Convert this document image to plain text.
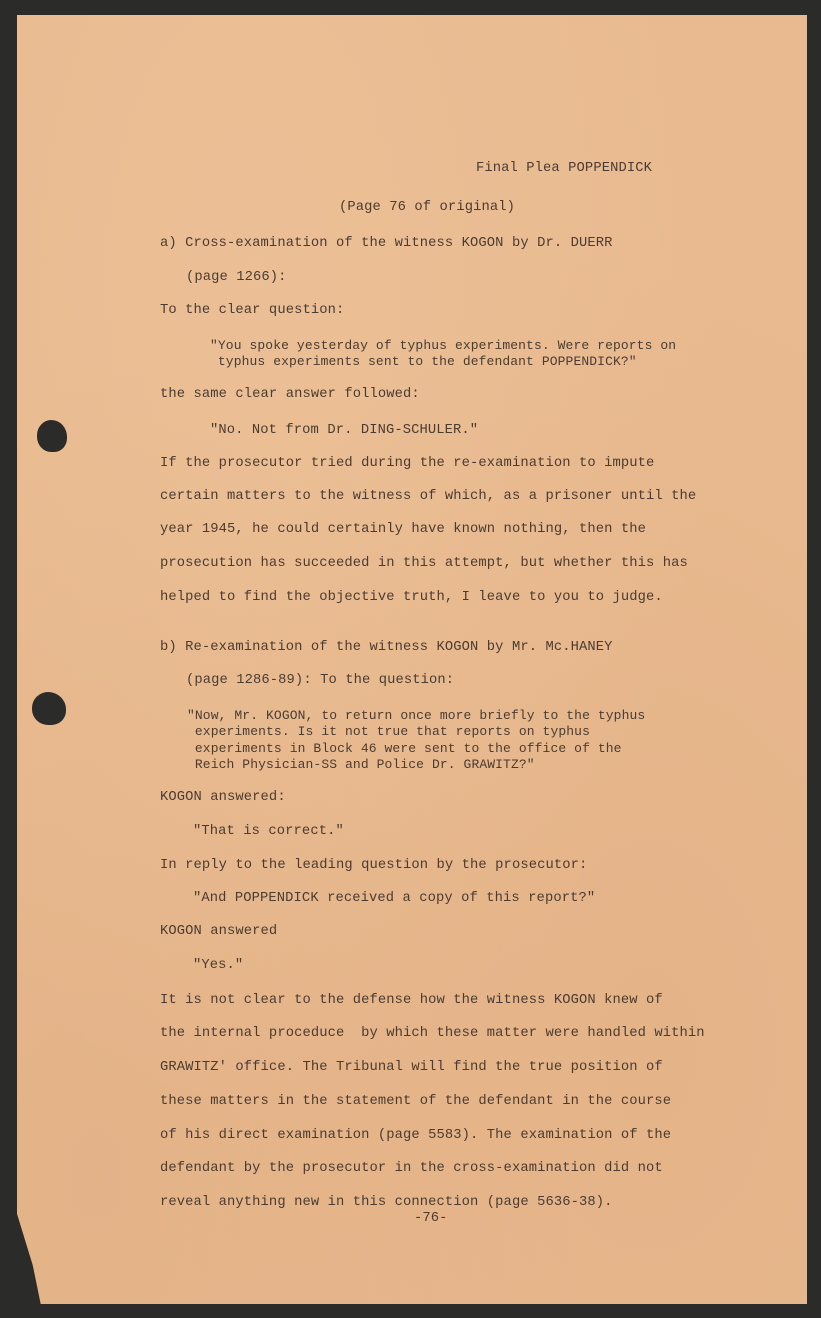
Final Plea POPPENDICK
(Page 76 of original)
a) Cross-examination of the witness KOGON by Dr. DUERR
(page 1266):
To the clear question:
"You spoke yesterday of typhus experiments. Were reports on
typhus experiments sent to the defendant POPPENDICK?"
the same clear answer followed:
"No. Not from Dr. DING-SCHULER."
If the prosecutor tried during the re-examination to impute
certain matters to the witness of which, as a prisoner until the
year 1945, he could certainly have known nothing, then the
prosecution has succeeded in this attempt, but whether this has
helped to find the objective truth, I leave to you to judge.
b) Re-examination of the witness KOGON by Mr. Mc.HANEY
(page 1286-89): To the question:
"Now, Mr. KOGON, to return once more briefly to the typhus
experiments. Is it not true that reports on typhus
experiments in Block 46 were sent to the office of the
Reich Physician-SS and Police Dr. GRAWITZ?"
KOGON answered:
"That is correct."
In reply to the leading question by the prosecutor:
"And POPPENDICK received a copy of this report?"
KOGON answered
"Yes."
It is not clear to the defense how the witness KOGON knew of
the internal proceduce  by which these matter were handled within
GRAWITZ' office. The Tribunal will find the true position of
these matters in the statement of the defendant in the course
of his direct examination (page 5583). The examination of the
defendant by the prosecutor in the cross-examination did not
reveal anything new in this connection (page 5636-38).
-76-
